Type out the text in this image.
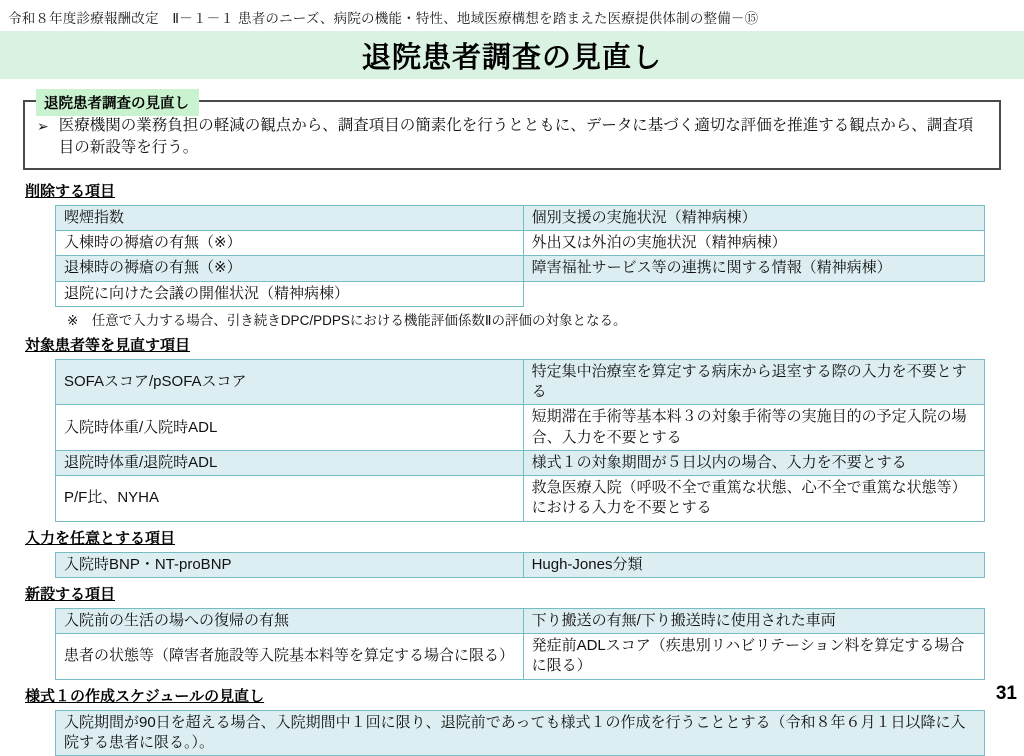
令和８年度診療報酬改定　Ⅱ－１－１ 患者のニーズ、病院の機能・特性、地域医療構想を踏まえた医療提供体制の整備－⑮
退院患者調査の見直し
退院患者調査の見直し
➢ 医療機関の業務負担の軽減の観点から、調査項目の簡素化を行うとともに、データに基づく適切な評価を推進する観点から、調査項目の新設等を行う。
削除する項目
喫煙指数	個別支援の実施状況（精神病棟）
入棟時の褥瘡の有無（※）	外出又は外泊の実施状況（精神病棟）
退棟時の褥瘡の有無（※）	障害福祉サービス等の連携に関する情報（精神病棟）
退院に向けた会議の開催状況（精神病棟）	
※　任意で入力する場合、引き続きDPC/PDPSにおける機能評価係数Ⅱの評価の対象となる。
対象患者等を見直す項目
SOFAスコア/pSOFAスコア	特定集中治療室を算定する病床から退室する際の入力を不要とする
入院時体重/入院時ADL	短期滞在手術等基本料３の対象手術等の実施目的の予定入院の場合、入力を不要とする
退院時体重/退院時ADL	様式１の対象期間が５日以内の場合、入力を不要とする
P/F比、NYHA	救急医療入院（呼吸不全で重篤な状態、心不全で重篤な状態等）における入力を不要とする
入力を任意とする項目
入院時BNP・NT-proBNP	Hugh-Jones分類
新設する項目
入院前の生活の場への復帰の有無	下り搬送の有無/下り搬送時に使用された車両
患者の状態等（障害者施設等入院基本料等を算定する場合に限る）	発症前ADLスコア（疾患別リハビリテーション料を算定する場合に限る）
様式１の作成スケジュールの見直し
入院期間が90日を超える場合、入院期間中１回に限り、退院前であっても様式１の作成を行うこととする（令和８年６月１日以降に入院する患者に限る。）。
31
